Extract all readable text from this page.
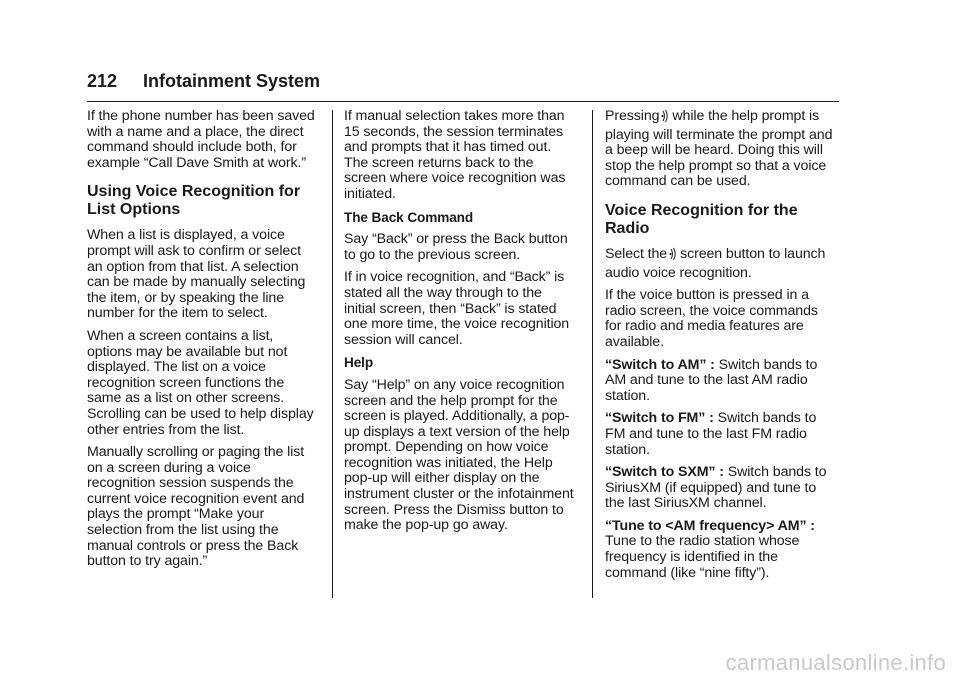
212 Infotainment System

If the phone number has been saved with a name and a place, the direct command should include both, for example “Call Dave Smith at work.”

Using Voice Recognition for List Options

When a list is displayed, a voice prompt will ask to confirm or select an option from that list. A selection can be made by manually selecting the item, or by speaking the line number for the item to select.

When a screen contains a list, options may be available but not displayed. The list on a voice recognition screen functions the same as a list on other screens. Scrolling can be used to help display other entries from the list.

Manually scrolling or paging the list on a screen during a voice recognition session suspends the current voice recognition event and plays the prompt “Make your selection from the list using the manual controls or press the Back button to try again.”

If manual selection takes more than 15 seconds, the session terminates and prompts that it has timed out. The screen returns back to the screen where voice recognition was initiated.

The Back Command

Say “Back” or press the Back button to go to the previous screen.

If in voice recognition, and “Back” is stated all the way through to the initial screen, then “Back” is stated one more time, the voice recognition session will cancel.

Help

Say “Help” on any voice recognition screen and the help prompt for the screen is played. Additionally, a pop-up displays a text version of the help prompt. Depending on how voice recognition was initiated, the Help pop-up will either display on the instrument cluster or the infotainment screen. Press the Dismiss button to make the pop-up go away.

Pressing while the help prompt is playing will terminate the prompt and a beep will be heard. Doing this will stop the help prompt so that a voice command can be used.

Voice Recognition for the Radio

Select the screen button to launch audio voice recognition.

If the voice button is pressed in a radio screen, the voice commands for radio and media features are available.

“Switch to AM” : Switch bands to AM and tune to the last AM radio station.

“Switch to FM” : Switch bands to FM and tune to the last FM radio station.

“Switch to SXM” : Switch bands to SiriusXM (if equipped) and tune to the last SiriusXM channel.

“Tune to <AM frequency> AM” : Tune to the radio station whose frequency is identified in the command (like “nine fifty”).

carmanualsonline.info
